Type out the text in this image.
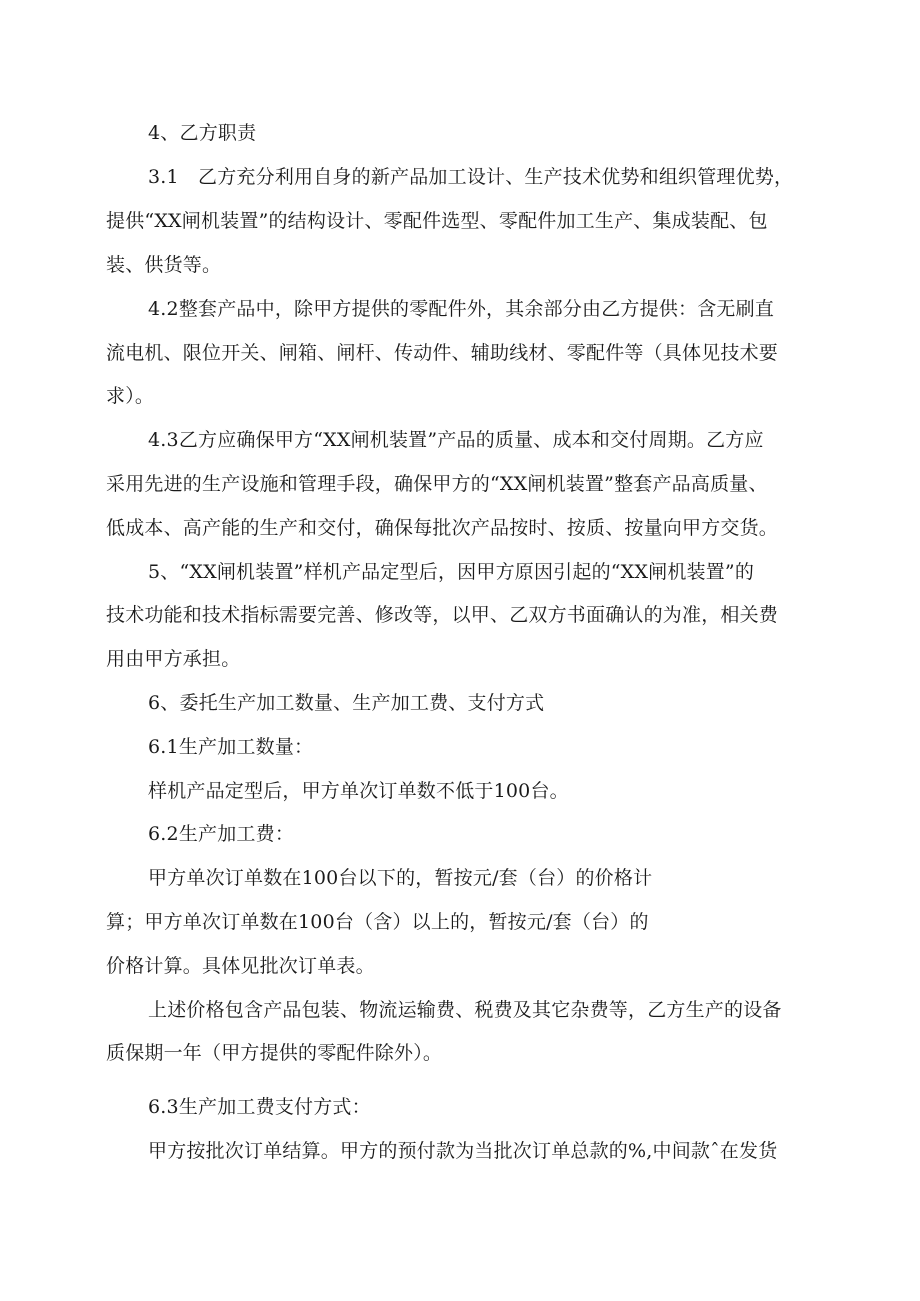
4、乙方职责
3.1　乙方充分利用自身的新产品加工设计、生产技术优势和组织管理优势，
提供“XX闸机装置”的结构设计、零配件选型、零配件加工生产、集成装配、包
装、供货等。
4.2整套产品中，除甲方提供的零配件外，其余部分由乙方提供：含无刷直
流电机、限位开关、闸箱、闸杆、传动件、辅助线材、零配件等（具体见技术要
求）。
4.3乙方应确保甲方“XX闸机装置”产品的质量、成本和交付周期。乙方应
采用先进的生产设施和管理手段，确保甲方的“XX闸机装置”整套产品高质量、
低成本、高产能的生产和交付，确保每批次产品按时、按质、按量向甲方交货。
5、“XX闸机装置”样机产品定型后，因甲方原因引起的“XX闸机装置”的
技术功能和技术指标需要完善、修改等，以甲、乙双方书面确认的为准，相关费
用由甲方承担。
6、委托生产加工数量、生产加工费、支付方式
6.1生产加工数量：
样机产品定型后，甲方单次订单数不低于100台。
6.2生产加工费：
甲方单次订单数在100台以下的，暂按元/套（台）的价格计
算；甲方单次订单数在100台（含）以上的，暂按元/套（台）的
价格计算。具体见批次订单表。
上述价格包含产品包装、物流运输费、税费及其它杂费等，乙方生产的设备
质保期一年（甲方提供的零配件除外）。
6.3生产加工费支付方式：
甲方按批次订单结算。甲方的预付款为当批次订单总款的%,中间款ˆ在发货
